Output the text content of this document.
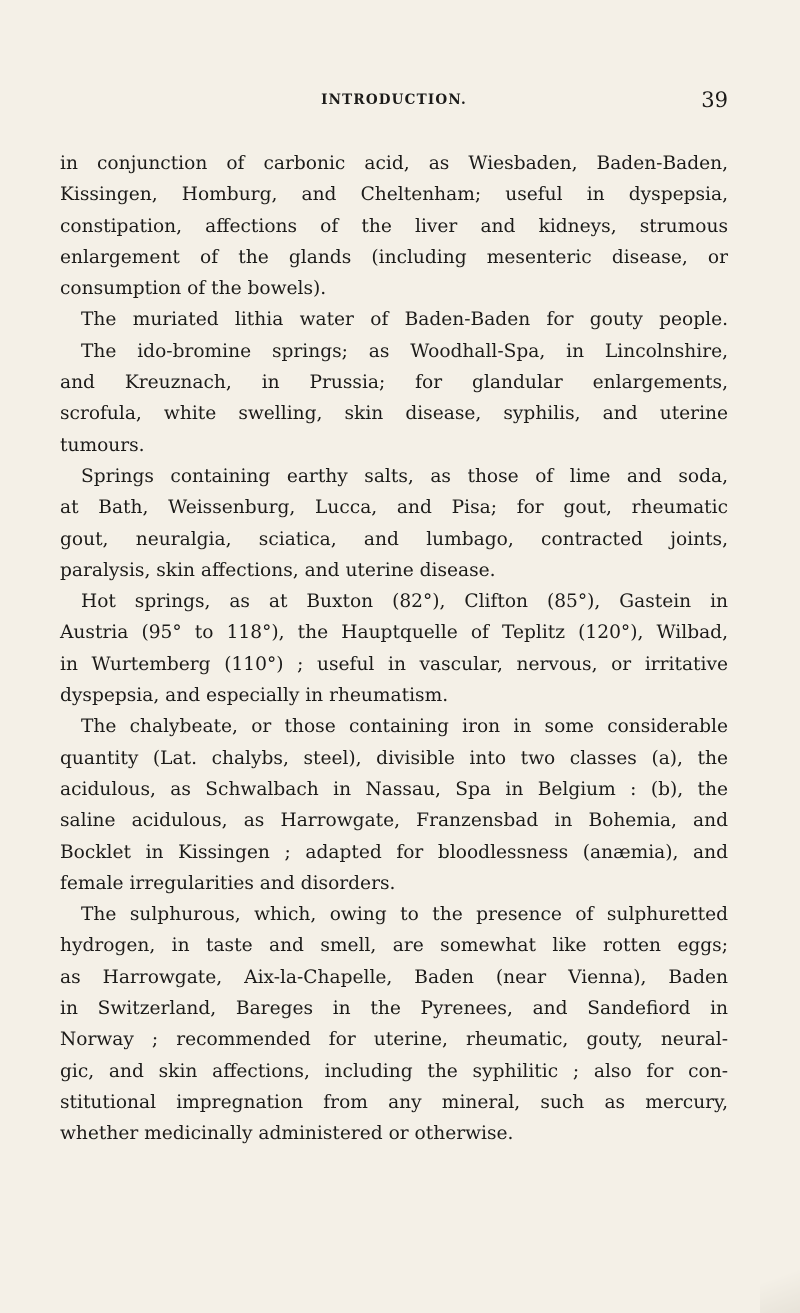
INTRODUCTION.	39
in conjunction of carbonic acid, as Wiesbaden, Baden-Baden,
Kissingen, Homburg, and Cheltenham; useful in dyspepsia,
constipation, affections of the liver and kidneys, strumous
enlargement of the glands (including mesenteric disease, or
consumption of the bowels).
The muriated lithia water of Baden-Baden for gouty people.
The ido-bromine springs; as Woodhall-Spa, in Lincolnshire,
and Kreuznach, in Prussia; for glandular enlargements,
scrofula, white swelling, skin disease, syphilis, and uterine
tumours.
Springs containing earthy salts, as those of lime and soda,
at Bath, Weissenburg, Lucca, and Pisa; for gout, rheumatic
gout, neuralgia, sciatica, and lumbago, contracted joints,
paralysis, skin affections, and uterine disease.
Hot springs, as at Buxton (82°), Clifton (85°), Gastein in
Austria (95° to 118°), the Hauptquelle of Teplitz (120°), Wilbad,
in Wurtemberg (110°) ; useful in vascular, nervous, or irritative
dyspepsia, and especially in rheumatism.
The chalybeate, or those containing iron in some considerable
quantity (Lat. chalybs, steel), divisible into two classes (a), the
acidulous, as Schwalbach in Nassau, Spa in Belgium : (b), the
saline acidulous, as Harrowgate, Franzensbad in Bohemia, and
Bocklet in Kissingen ; adapted for bloodlessness (anæmia), and
female irregularities and disorders.
The sulphurous, which, owing to the presence of sulphuretted
hydrogen, in taste and smell, are somewhat like rotten eggs;
as Harrowgate, Aix-la-Chapelle, Baden (near Vienna), Baden
in Switzerland, Bareges in the Pyrenees, and Sandefiord in
Norway ; recommended for uterine, rheumatic, gouty, neural-
gic, and skin affections, including the syphilitic ; also for con-
stitutional impregnation from any mineral, such as mercury,
whether medicinally administered or otherwise.
